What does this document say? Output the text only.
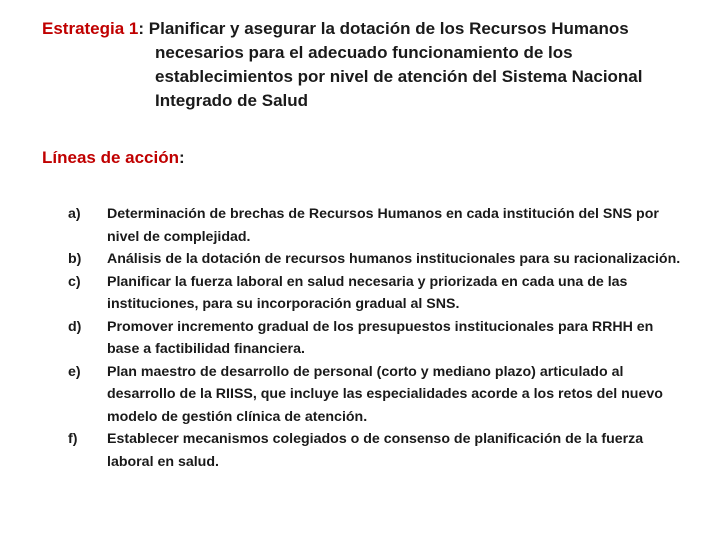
Estrategia 1: Planificar y asegurar la dotación de los Recursos Humanos
necesarios para el adecuado funcionamiento de los
establecimientos por nivel de atención del Sistema Nacional
Integrado de Salud
Líneas de acción:
a) Determinación de brechas de Recursos Humanos en cada institución del SNS por nivel de complejidad.
b) Análisis de la dotación de recursos humanos institucionales para su racionalización.
c) Planificar la fuerza laboral en salud necesaria y priorizada en cada una de las instituciones, para su incorporación gradual al SNS.
d) Promover incremento gradual de los presupuestos institucionales para RRHH en base a factibilidad financiera.
e) Plan maestro de desarrollo de personal (corto y mediano plazo) articulado al desarrollo de la RIISS, que incluye las especialidades acorde a los retos del nuevo modelo de gestión clínica de atención.
f) Establecer mecanismos colegiados o de consenso de planificación de la fuerza laboral en salud.
